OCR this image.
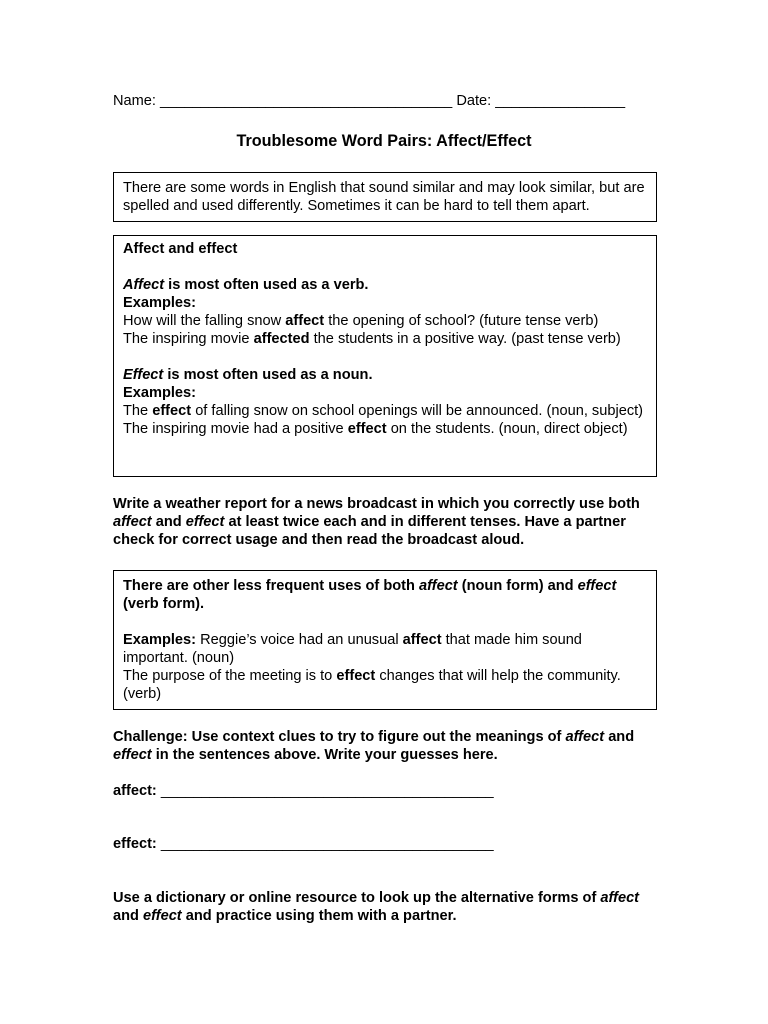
Name: ____________________________________ Date: ________________
Troublesome Word Pairs: Affect/Effect
There are some words in English that sound similar and may look similar, but are spelled and used differently. Sometimes it can be hard to tell them apart.
Affect and effect
Affect is most often used as a verb.
Examples:
How will the falling snow affect the opening of school? (future tense verb)
The inspiring movie affected the students in a positive way. (past tense verb)
Effect is most often used as a noun.
Examples:
The effect of falling snow on school openings will be announced. (noun, subject)
The inspiring movie had a positive effect on the students. (noun, direct object)
Write a weather report for a news broadcast in which you correctly use both affect and effect at least twice each and in different tenses. Have a partner check for correct usage and then read the broadcast aloud.
There are other less frequent uses of both affect (noun form) and effect (verb form).
Examples: Reggie’s voice had an unusual affect that made him sound important. (noun)
The purpose of the meeting is to effect changes that will help the community. (verb)
Challenge: Use context clues to try to figure out the meanings of affect and effect in the sentences above. Write your guesses here.
affect: _________________________________________
effect: _________________________________________
Use a dictionary or online resource to look up the alternative forms of affect and effect and practice using them with a partner.
